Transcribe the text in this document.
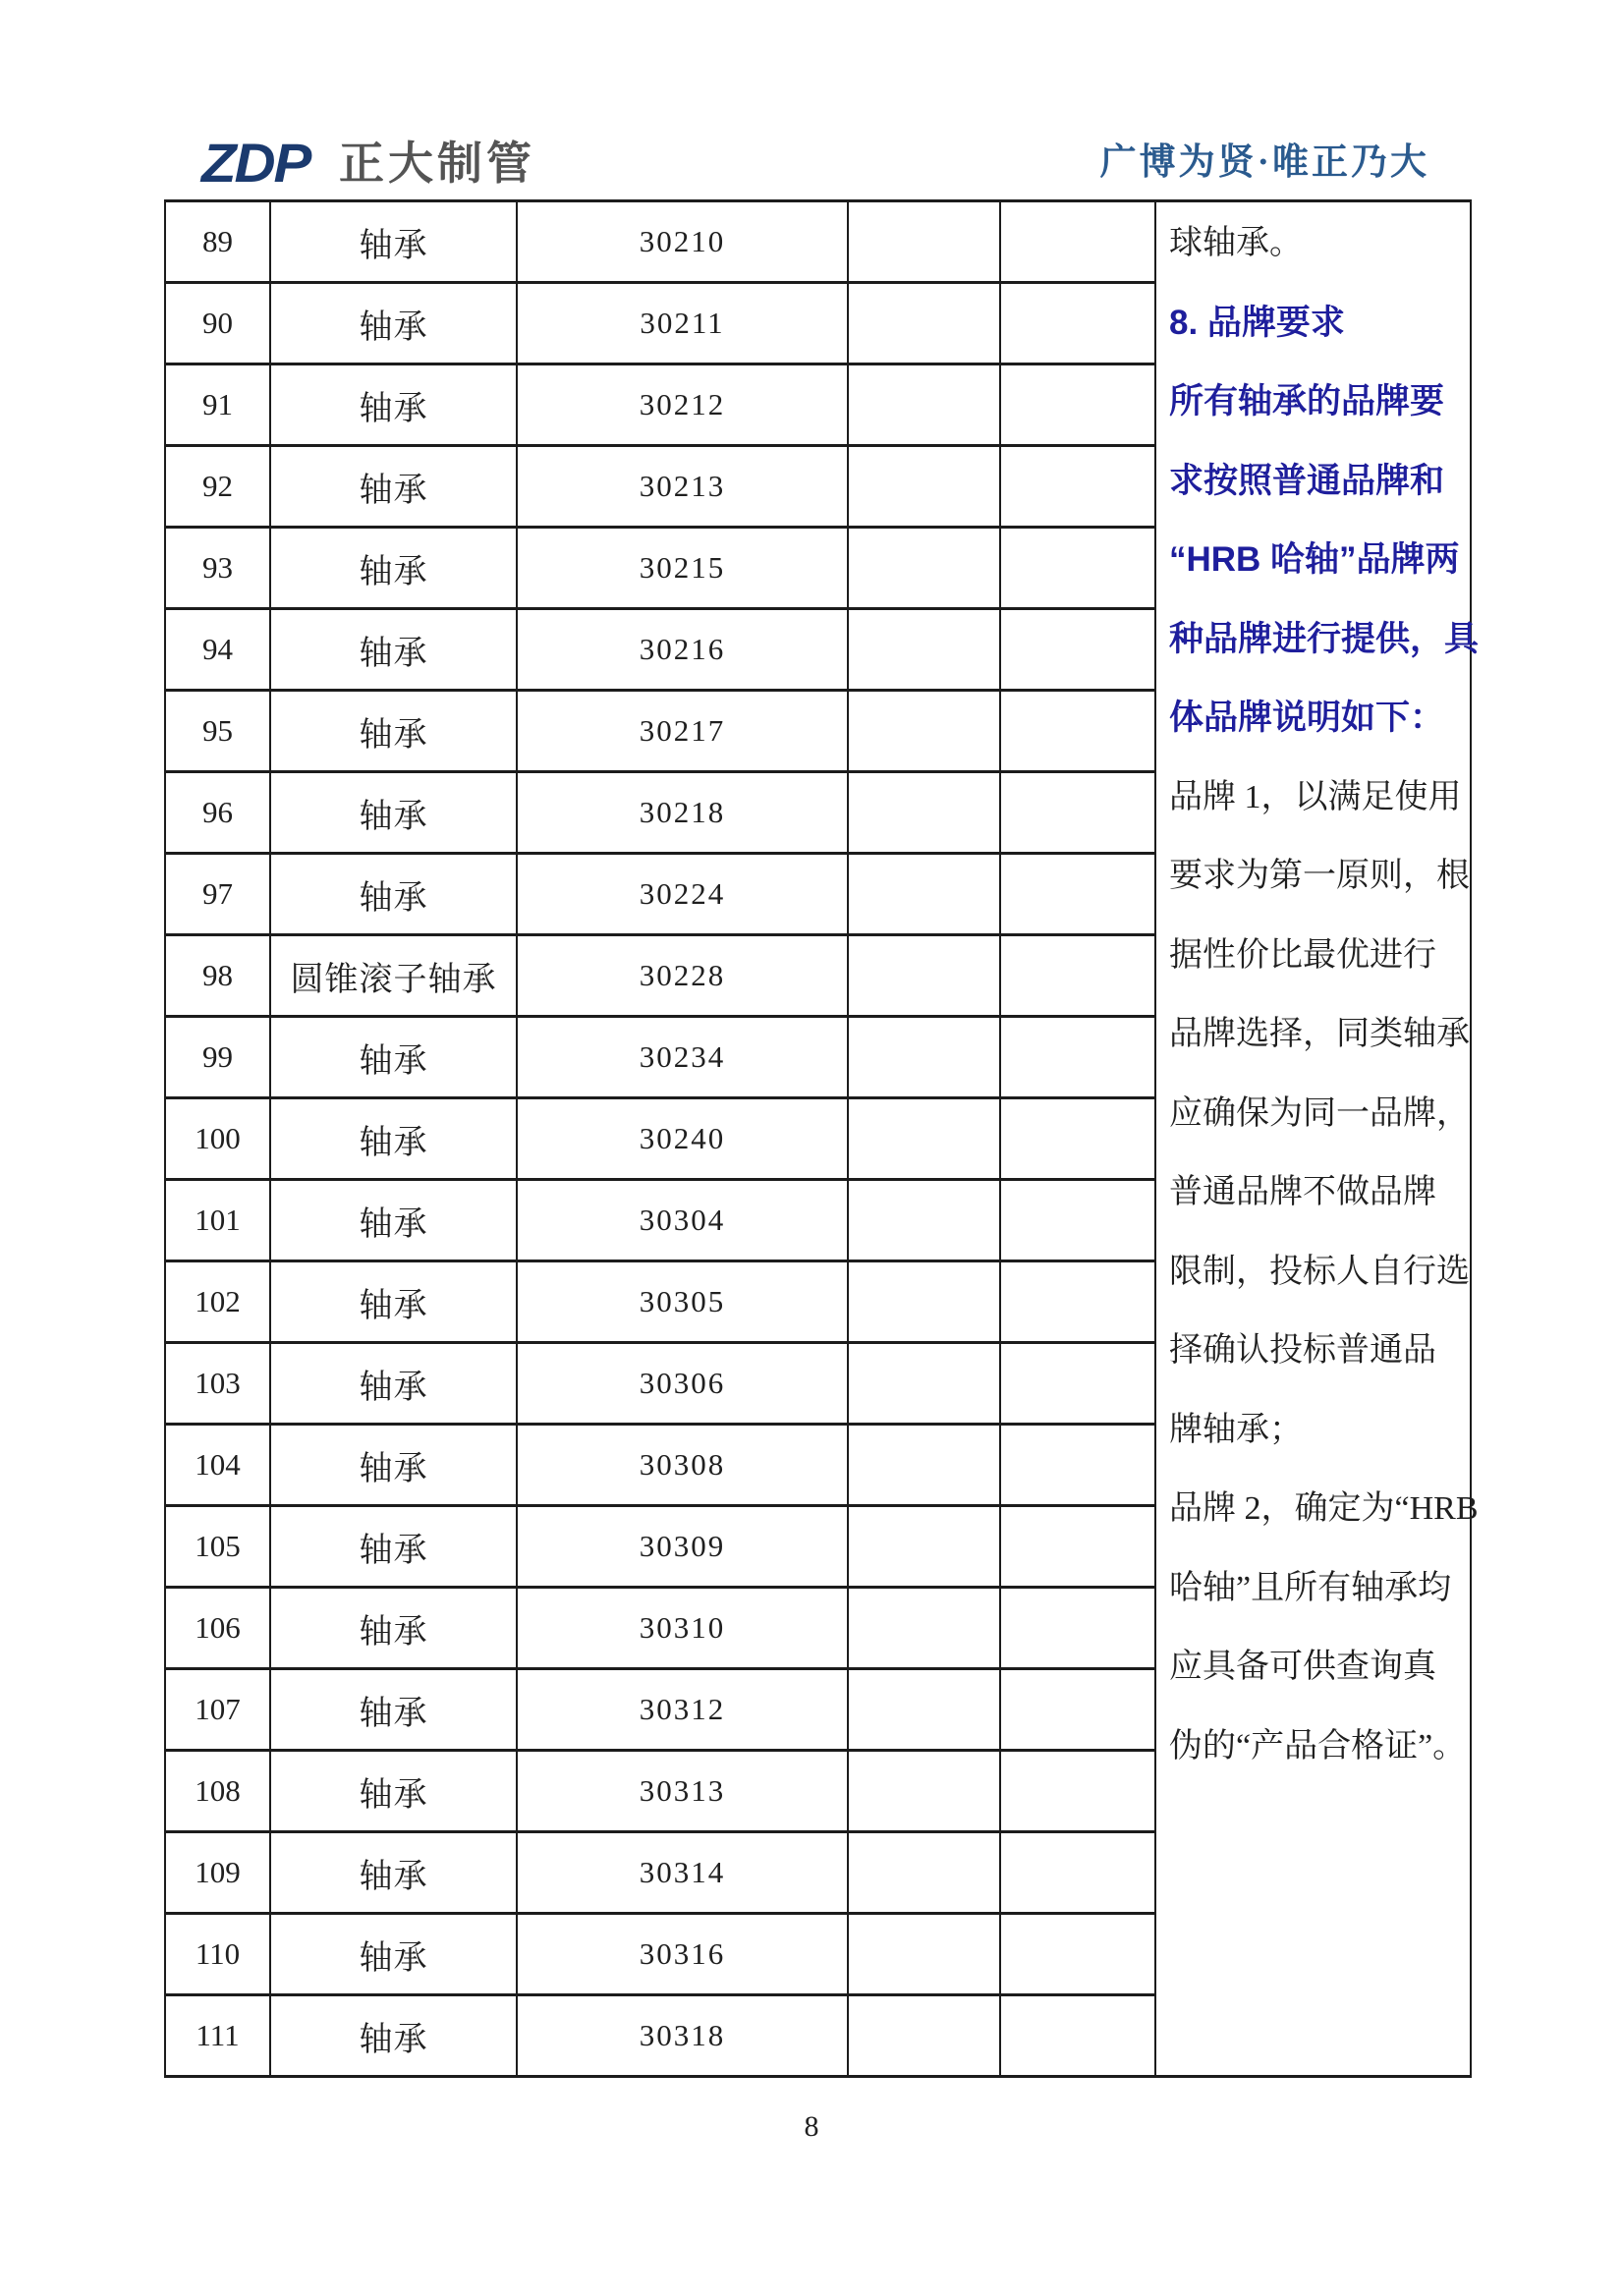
ZDP 正大制管	广博为贤·唯正乃大
89	轴承	30210			球轴承。
8. 品牌要求
所有轴承的品牌要
求按照普通品牌和
“HRB 哈轴”品牌两
种品牌进行提供，具
体品牌说明如下：
品牌 1，以满足使用
要求为第一原则，根
据性价比最优进行
品牌选择，同类轴承
应确保为同一品牌，
普通品牌不做品牌
限制，投标人自行选
择确认投标普通品
牌轴承；
品牌 2，确定为“HRB
哈轴”且所有轴承均
应具备可供查询真
伪的“产品合格证”。

90	轴承	30211			
91	轴承	30212			
92	轴承	30213			
93	轴承	30215			
94	轴承	30216			
95	轴承	30217			
96	轴承	30218			
97	轴承	30224			
98	圆锥滚子轴承	30228			
99	轴承	30234			
100	轴承	30240			
101	轴承	30304			
102	轴承	30305			
103	轴承	30306			
104	轴承	30308			
105	轴承	30309			
106	轴承	30310			
107	轴承	30312			
108	轴承	30313			
109	轴承	30314			
110	轴承	30316			
111	轴承	30318			
8
